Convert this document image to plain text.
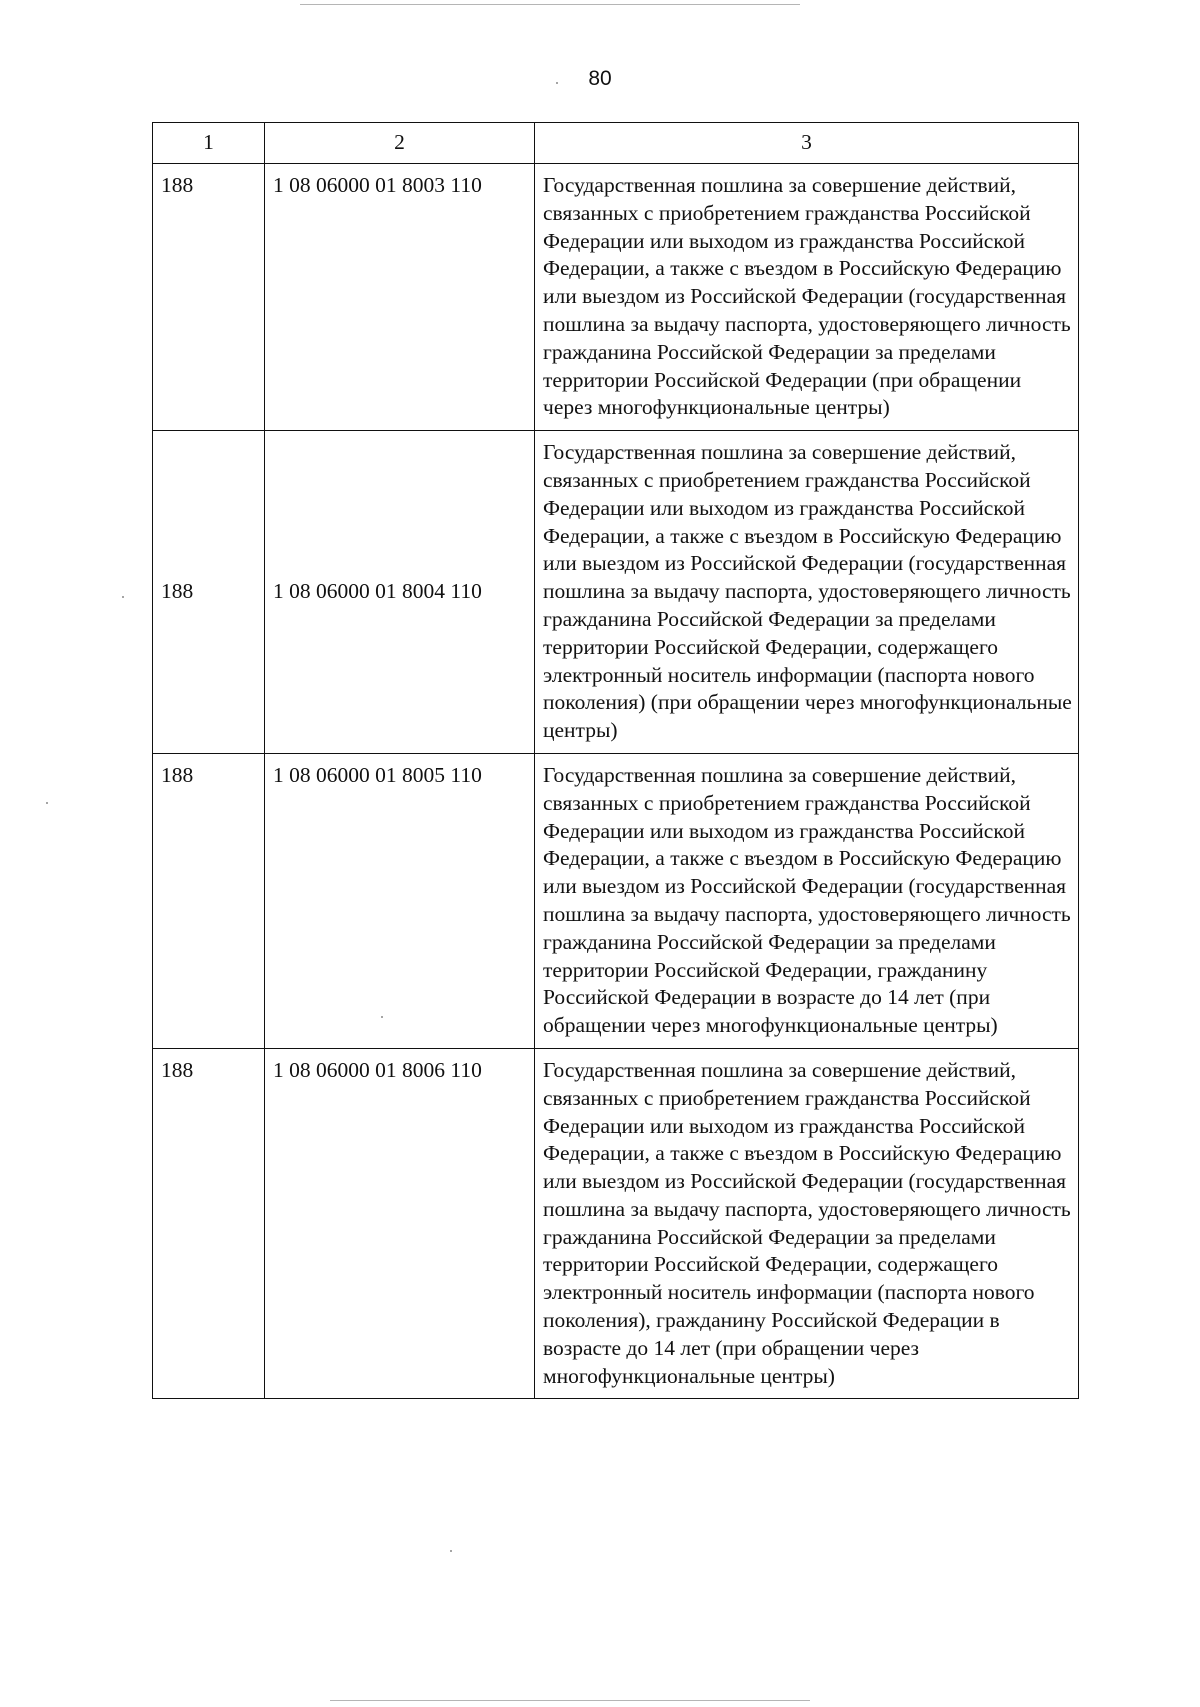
80
1	2	3
188	1 08 06000 01 8003 110	Государственная пошлина за совершение действий, связанных с приобретением гражданства Российской Федерации или выходом из гражданства Российской Федерации, а также с въездом в Российскую Федерацию или выездом из Российской Федерации (государственная пошлина за выдачу паспорта, удостоверяющего личность гражданина Российской Федерации за пределами территории Российской Федерации (при обращении через многофункциональные центры)
188	1 08 06000 01 8004 110	Государственная пошлина за совершение действий, связанных с приобретением гражданства Российской Федерации или выходом из гражданства Российской Федерации, а также с въездом в Российскую Федерацию или выездом из Российской Федерации (государственная пошлина за выдачу паспорта, удостоверяющего личность гражданина Российской Федерации за пределами территории Российской Федерации, содержащего электронный носитель информации (паспорта нового поколения) (при обращении через многофункциональные центры)
188	1 08 06000 01 8005 110	Государственная пошлина за совершение действий, связанных с приобретением гражданства Российской Федерации или выходом из гражданства Российской Федерации, а также с въездом в Российскую Федерацию или выездом из Российской Федерации (государственная пошлина за выдачу паспорта, удостоверяющего личность гражданина Российской Федерации за пределами территории Российской Федерации, гражданину Российской Федерации в возрасте до 14 лет (при обращении через многофункциональные центры)
188	1 08 06000 01 8006 110	Государственная пошлина за совершение действий, связанных с приобретением гражданства Российской Федерации или выходом из гражданства Российской Федерации, а также с въездом в Российскую Федерацию или выездом из Российской Федерации (государственная пошлина за выдачу паспорта, удостоверяющего личность гражданина Российской Федерации за пределами территории Российской Федерации, содержащего электронный носитель информации (паспорта нового поколения), гражданину Российской Федерации в возрасте до 14 лет (при обращении через многофункциональные центры)
